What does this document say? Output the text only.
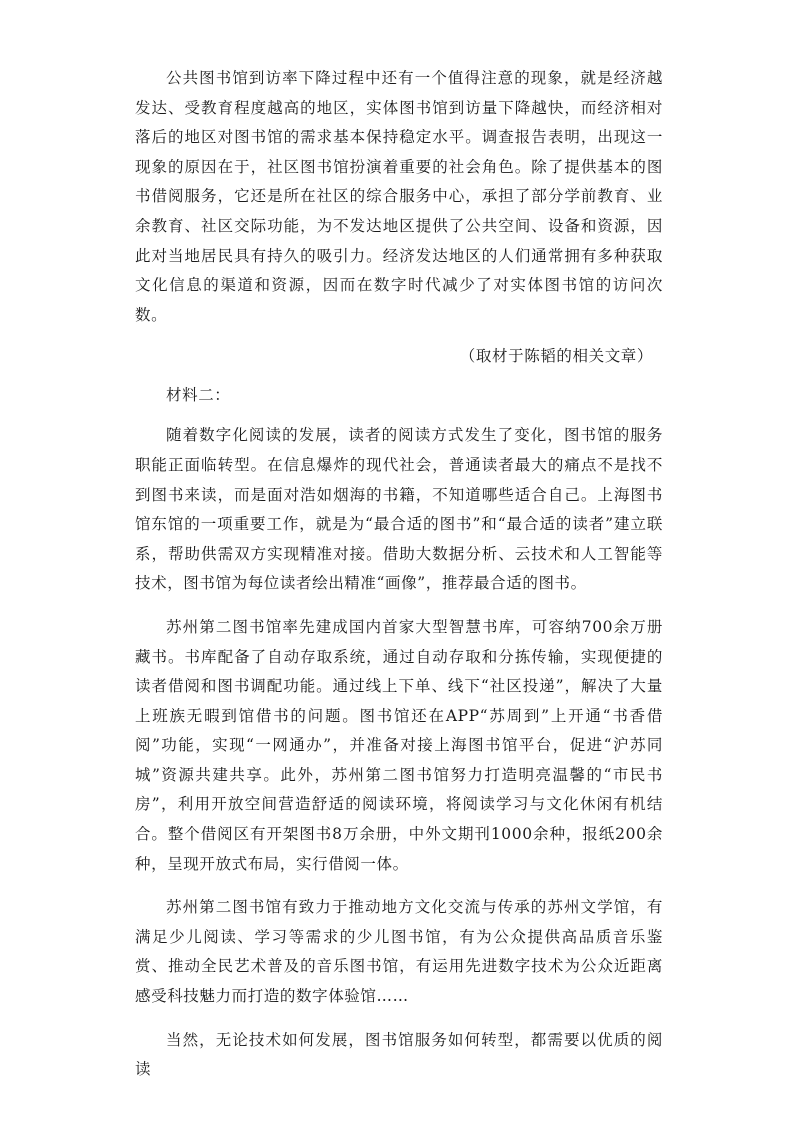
公共图书馆到访率下降过程中还有一个值得注意的现象，就是经济越发达、受教育程度越高的地区，实体图书馆到访量下降越快，而经济相对落后的地区对图书馆的需求基本保持稳定水平。调查报告表明，出现这一现象的原因在于，社区图书馆扮演着重要的社会角色。除了提供基本的图书借阅服务，它还是所在社区的综合服务中心，承担了部分学前教育、业余教育、社区交际功能，为不发达地区提供了公共空间、设备和资源，因此对当地居民具有持久的吸引力。经济发达地区的人们通常拥有多种获取文化信息的渠道和资源，因而在数字时代减少了对实体图书馆的访问次数。

（取材于陈韬的相关文章）

材料二：

随着数字化阅读的发展，读者的阅读方式发生了变化，图书馆的服务职能正面临转型。在信息爆炸的现代社会，普通读者最大的痛点不是找不到图书来读，而是面对浩如烟海的书籍，不知道哪些适合自己。上海图书馆东馆的一项重要工作，就是为“最合适的图书”和“最合适的读者”建立联系，帮助供需双方实现精准对接。借助大数据分析、云技术和人工智能等技术，图书馆为每位读者绘出精准“画像”，推荐最合适的图书。

苏州第二图书馆率先建成国内首家大型智慧书库，可容纳700余万册藏书。书库配备了自动存取系统，通过自动存取和分拣传输，实现便捷的读者借阅和图书调配功能。通过线上下单、线下“社区投递”，解决了大量上班族无暇到馆借书的问题。图书馆还在APP“苏周到”上开通“书香借阅”功能，实现“一网通办”，并准备对接上海图书馆平台，促进“沪苏同城”资源共建共享。此外，苏州第二图书馆努力打造明亮温馨的“市民书房”，利用开放空间营造舒适的阅读环境，将阅读学习与文化休闲有机结合。整个借阅区有开架图书8万余册，中外文期刊1000余种，报纸200余种，呈现开放式布局，实行借阅一体。

苏州第二图书馆有致力于推动地方文化交流与传承的苏州文学馆，有满足少儿阅读、学习等需求的少儿图书馆，有为公众提供高品质音乐鉴赏、推动全民艺术普及的音乐图书馆，有运用先进数字技术为公众近距离感受科技魅力而打造的数字体验馆……

当然，无论技术如何发展，图书馆服务如何转型，都需要以优质的阅读
